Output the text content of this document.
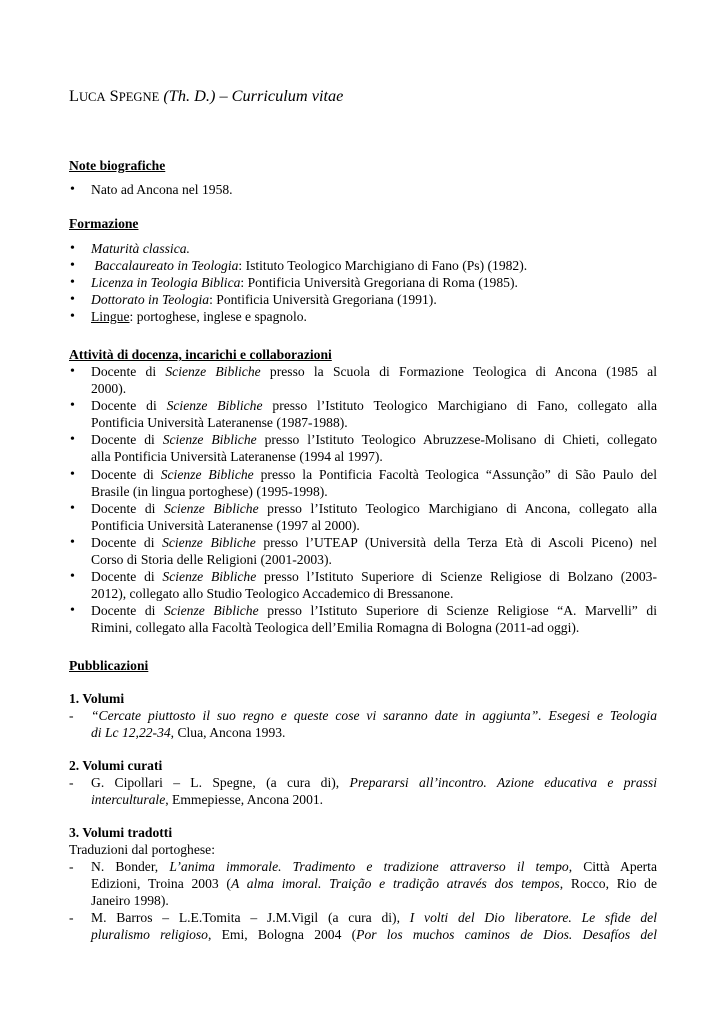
LUCA SPEGNE (Th. D.) – Curriculum vitae
Note biografiche
• Nato ad Ancona nel 1958.
Formazione
• Maturità classica.
• Baccalaureato in Teologia: Istituto Teologico Marchigiano di Fano (Ps) (1982).
• Licenza in Teologia Biblica: Pontificia Università Gregoriana di Roma (1985).
• Dottorato in Teologia: Pontificia Università Gregoriana (1991).
• Lingue: portoghese, inglese e spagnolo.
Attività di docenza, incarichi e collaborazioni
• Docente di Scienze Bibliche presso la Scuola di Formazione Teologica di Ancona (1985 al
2000).
• Docente di Scienze Bibliche presso l’Istituto Teologico Marchigiano di Fano, collegato alla
Pontificia Università Lateranense (1987-1988).
• Docente di Scienze Bibliche presso l’Istituto Teologico Abruzzese-Molisano di Chieti, collegato
alla Pontificia Università Lateranense (1994 al 1997).
• Docente di Scienze Bibliche presso la Pontificia Facoltà Teologica “Assunção” di São Paulo del
Brasile (in lingua portoghese) (1995-1998).
• Docente di Scienze Bibliche presso l’Istituto Teologico Marchigiano di Ancona, collegato alla
Pontificia Università Lateranense (1997 al 2000).
• Docente di Scienze Bibliche presso l’UTEAP (Università della Terza Età di Ascoli Piceno) nel
Corso di Storia delle Religioni (2001-2003).
• Docente di Scienze Bibliche presso l’Istituto Superiore di Scienze Religiose di Bolzano (2003-
2012), collegato allo Studio Teologico Accademico di Bressanone.
• Docente di Scienze Bibliche presso l’Istituto Superiore di Scienze Religiose “A. Marvelli” di
Rimini, collegato alla Facoltà Teologica dell’Emilia Romagna di Bologna (2011-ad oggi).
Pubblicazioni
1. Volumi
- “Cercate piuttosto il suo regno e queste cose vi saranno date in aggiunta”. Esegesi e Teologia
di Lc 12,22-34, Clua, Ancona 1993.
2. Volumi curati
- G. Cipollari – L. Spegne, (a cura di), Prepararsi all’incontro. Azione educativa e prassi
interculturale, Emmepiesse, Ancona 2001.
3. Volumi tradotti
Traduzioni dal portoghese:
- N. Bonder, L’anima immorale. Tradimento e tradizione attraverso il tempo, Città Aperta
Edizioni, Troina 2003 (A alma imoral. Traição e tradição através dos tempos, Rocco, Rio de
Janeiro 1998).
- M. Barros – L.E.Tomita – J.M.Vigil (a cura di), I volti del Dio liberatore. Le sfide del
pluralismo religioso, Emi, Bologna 2004 (Por los muchos caminos de Dios. Desafíos del
